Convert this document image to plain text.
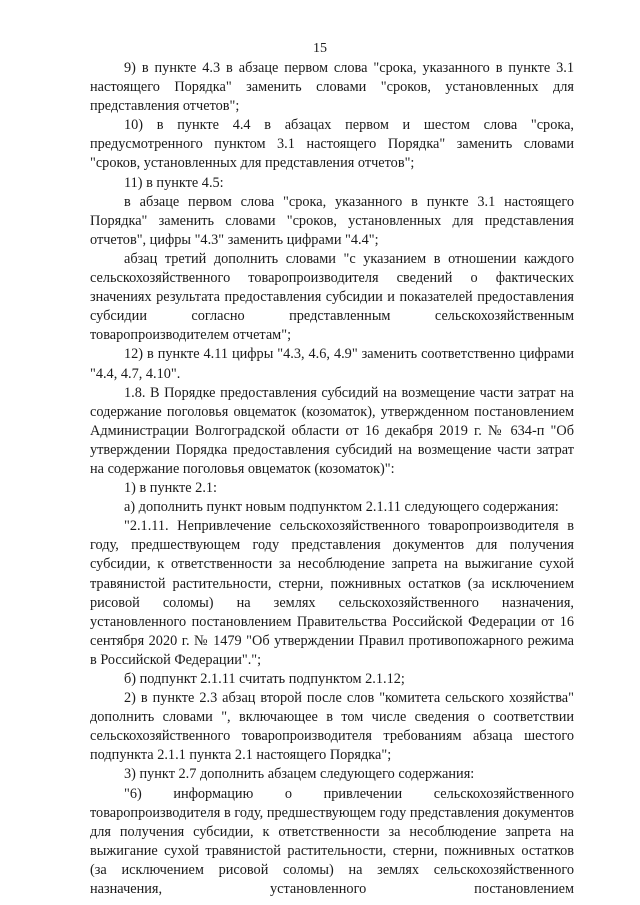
15

9) в пункте 4.3 в абзаце первом слова "срока, указанного в пункте 3.1 настоящего Порядка" заменить словами "сроков, установленных для представления отчетов";

10) в пункте 4.4 в абзацах первом и шестом слова "срока, предусмотренного пунктом 3.1 настоящего Порядка" заменить словами "сроков, установленных для представления отчетов";

11) в пункте 4.5:

в абзаце первом слова "срока, указанного в пункте 3.1 настоящего Порядка" заменить словами "сроков, установленных для представления отчетов", цифры "4.3" заменить цифрами "4.4";

абзац третий дополнить словами "с указанием в отношении каждого сельскохозяйственного товаропроизводителя сведений о фактических значениях результата предоставления субсидии и показателей предоставления субсидии согласно представленным сельскохозяйственным товаропроизводителем отчетам";

12) в пункте 4.11 цифры "4.3, 4.6, 4.9" заменить соответственно цифрами "4.4, 4.7, 4.10".

1.8. В Порядке предоставления субсидий на возмещение части затрат на содержание поголовья овцематок (козоматок), утвержденном постановлением Администрации Волгоградской области от 16 декабря 2019 г. № 634-п "Об утверждении Порядка предоставления субсидий на возмещение части затрат на содержание поголовья овцематок (козоматок)":

1) в пункте 2.1:

а) дополнить пункт новым подпунктом 2.1.11 следующего содержания:

"2.1.11. Непривлечение сельскохозяйственного товаропроизводителя в году, предшествующем году представления документов для получения субсидии, к ответственности за несоблюдение запрета на выжигание сухой травянистой растительности, стерни, пожнивных остатков (за исключением рисовой соломы) на землях сельскохозяйственного назначения, установленного постановлением Правительства Российской Федерации от 16 сентября 2020 г. № 1479 "Об утверждении Правил противопожарного режима в Российской Федерации".";

б) подпункт 2.1.11 считать подпунктом 2.1.12;

2) в пункте 2.3 абзац второй после слов "комитета сельского хозяйства" дополнить словами ", включающее в том числе сведения о соответствии сельскохозяйственного товаропроизводителя требованиям абзаца шестого подпункта 2.1.1 пункта 2.1 настоящего Порядка";

3) пункт 2.7 дополнить абзацем следующего содержания:

"6) информацию о привлечении сельскохозяйственного товаропроизводителя в году, предшествующем году представления документов для получения субсидии, к ответственности за несоблюдение запрета на выжигание сухой травянистой растительности, стерни, пожнивных остатков (за исключением рисовой соломы) на землях сельскохозяйственного назначения, установленного постановлением
